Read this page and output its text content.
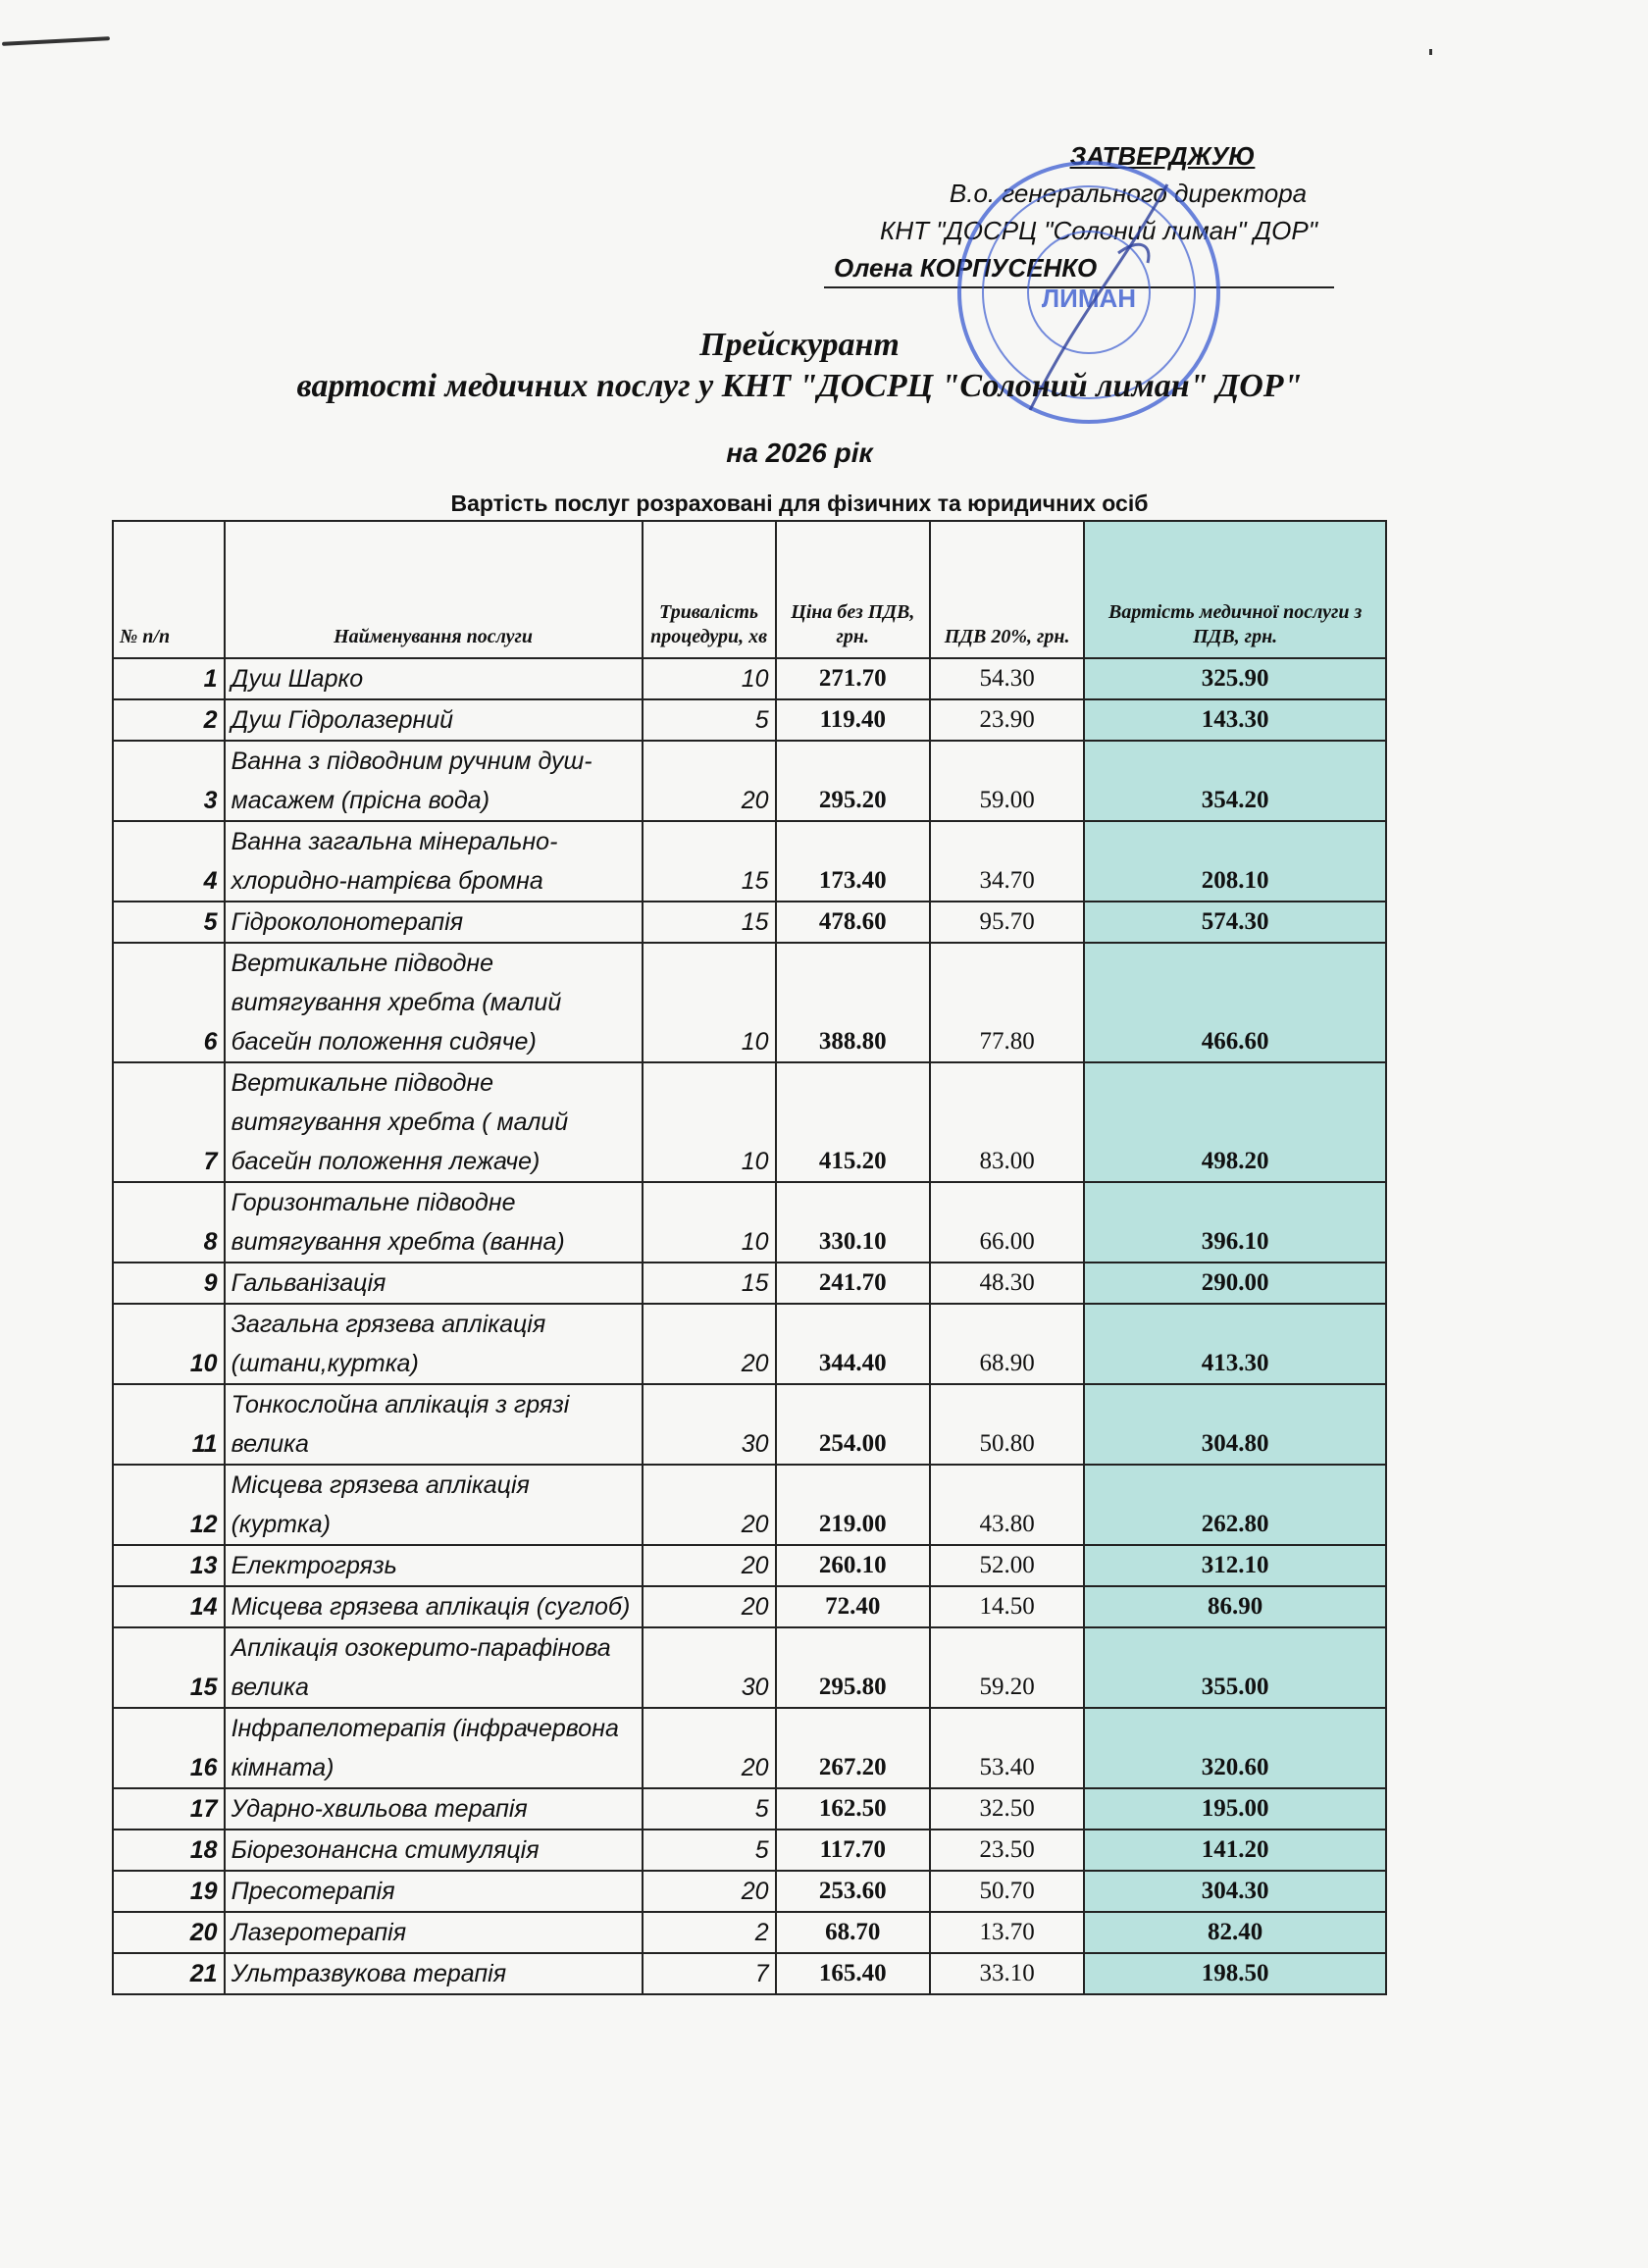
ЗАТВЕРДЖУЮ
В.о. генерального директора
КНТ "ДОСРЦ "Солоний лиман" ДОР"
Олена КОРПУСЕНКО
ЛИМАН
Прейскурант
вартості медичних послуг у КНТ "ДОСРЦ "Солоний лиман" ДОР"
на 2026 рік
Вартість послуг розраховані для фізичних та юридичних осіб
№ п/п	Найменування послуги	Тривалість процедури, хв	Ціна без ПДВ, грн.	ПДВ 20%, грн.	Вартість медичної послуги з ПДВ, грн.
1	Душ Шарко	10	271.70	54.30	325.90
2	Душ Гідролазерний	5	119.40	23.90	143.30
3	Ванна з підводним ручним душ-масажем (прісна вода)	20	295.20	59.00	354.20
4	Ванна загальна мінерально-хлоридно-натрієва бромна	15	173.40	34.70	208.10
5	Гідроколонотерапія	15	478.60	95.70	574.30
6	Вертикальне підводне витягування хребта (малий басейн положення сидяче)	10	388.80	77.80	466.60
7	Вертикальне підводне витягування хребта ( малий басейн положення лежаче)	10	415.20	83.00	498.20
8	Горизонтальне підводне витягування хребта (ванна)	10	330.10	66.00	396.10
9	Гальванізація	15	241.70	48.30	290.00
10	Загальна грязева аплікація (штани,куртка)	20	344.40	68.90	413.30
11	Тонкослойна аплікація з грязі велика	30	254.00	50.80	304.80
12	Місцева грязева аплікація (куртка)	20	219.00	43.80	262.80
13	Електрогрязь	20	260.10	52.00	312.10
14	Місцева грязева аплікація (суглоб)	20	72.40	14.50	86.90
15	Аплікація озокерито-парафінова велика	30	295.80	59.20	355.00
16	Інфрапелотерапія (інфрачервона кімната)	20	267.20	53.40	320.60
17	Ударно-хвильова терапія	5	162.50	32.50	195.00
18	Біорезонансна стимуляція	5	117.70	23.50	141.20
19	Пресотерапія	20	253.60	50.70	304.30
20	Лазеротерапія	2	68.70	13.70	82.40
21	Ультразвукова терапія	7	165.40	33.10	198.50
